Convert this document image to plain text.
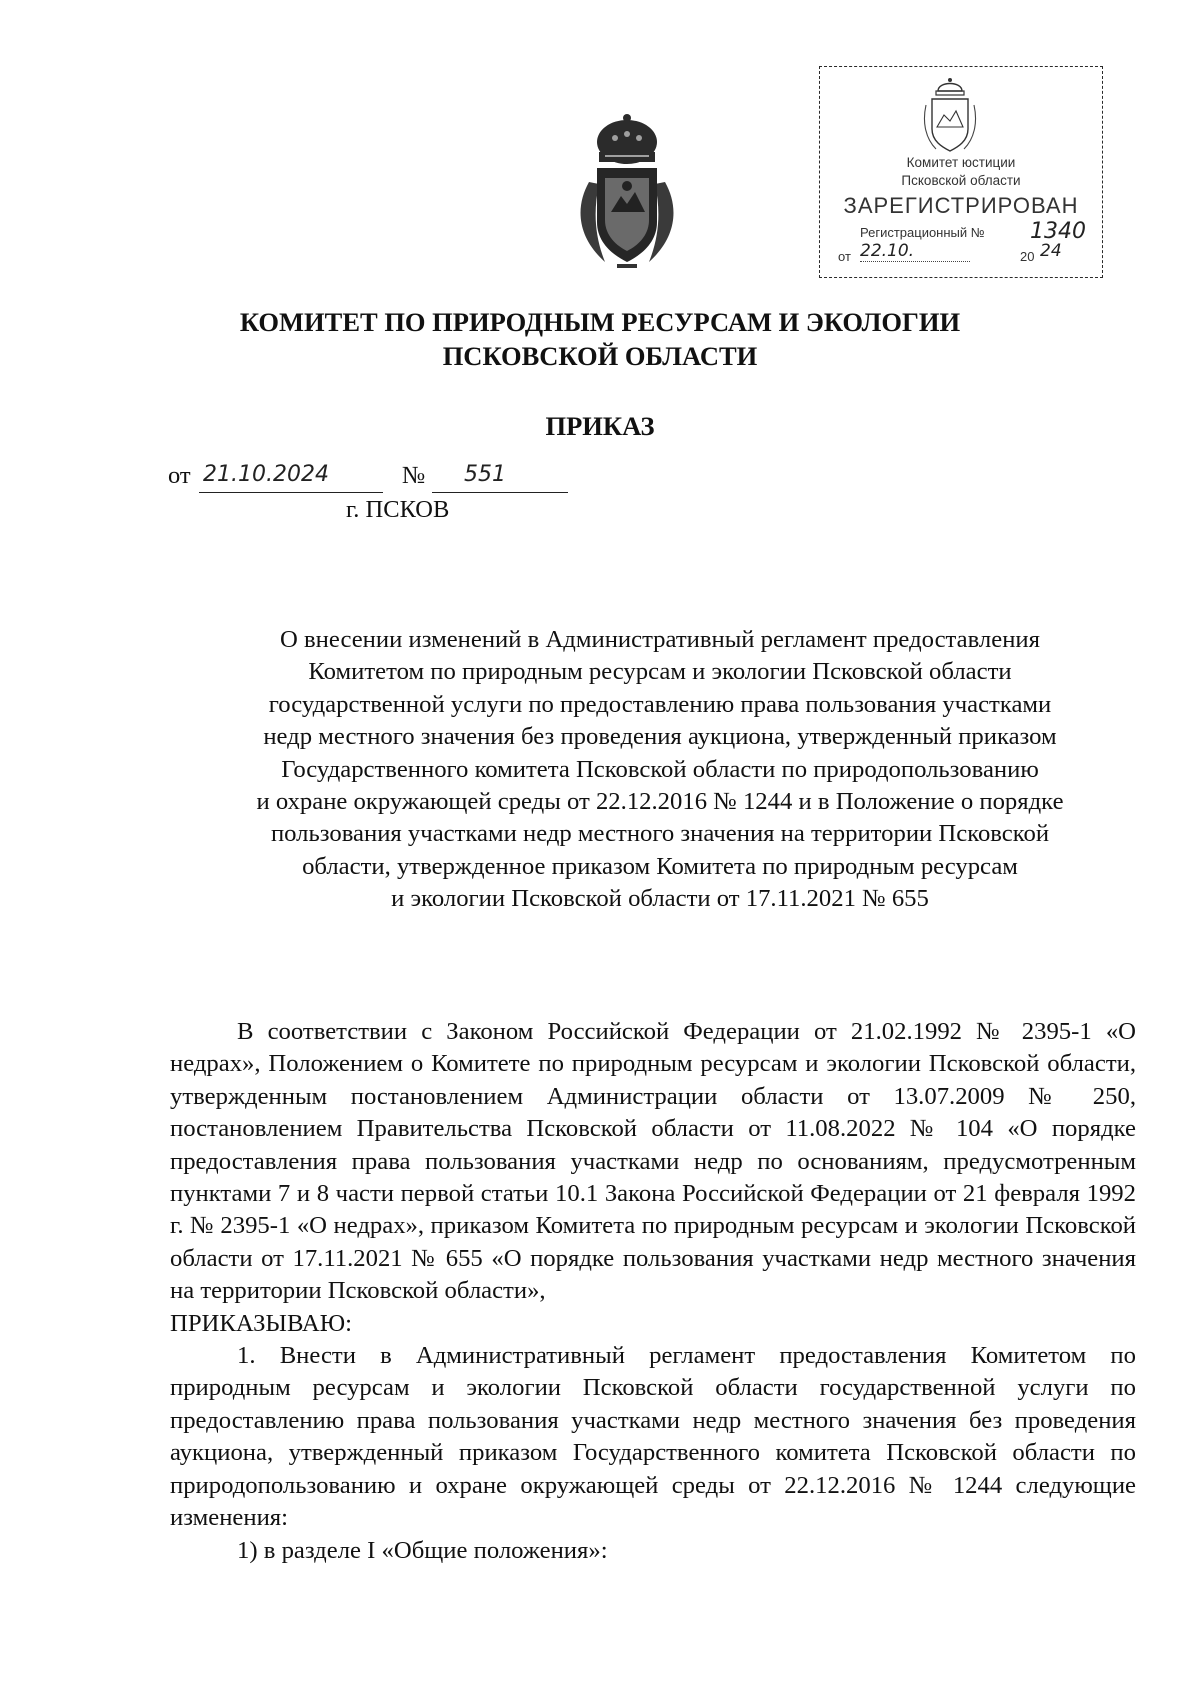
Комитет юстиции
Псковской области
ЗАРЕГИСТРИРОВАН
Регистрационный № 1340
от 22.10.	20 24
КОМИТЕТ ПО ПРИРОДНЫМ РЕСУРСАМ И ЭКОЛОГИИ
ПСКОВСКОЙ ОБЛАСТИ
ПРИКАЗ
от 21.10.2024	№	551
г. ПСКОВ
О внесении изменений в Административный регламент предоставления
Комитетом по природным ресурсам и экологии Псковской области
государственной услуги по предоставлению права пользования участками
недр местного значения без проведения аукциона, утвержденный приказом
Государственного комитета Псковской области по природопользованию
и охране окружающей среды от 22.12.2016 № 1244 и в Положение о порядке
пользования участками недр местного значения на территории Псковской
области, утвержденное приказом Комитета по природным ресурсам
и экологии Псковской области от 17.11.2021 № 655

В соответствии с Законом Российской Федерации от 21.02.1992 № 2395-1 «О недрах», Положением о Комитете по природным ресурсам и экологии Псковской области, утвержденным постановлением Администрации области от 13.07.2009 № 250, постановлением Правительства Псковской области от 11.08.2022 № 104 «О порядке предоставления права пользования участками недр по основаниям, предусмотренным пунктами 7 и 8 части первой статьи 10.1 Закона Российской Федерации от 21 февраля 1992 г. № 2395-1 «О недрах», приказом Комитета по природным ресурсам и экологии Псковской области от 17.11.2021 № 655 «О порядке пользования участками недр местного значения на территории Псковской области»,

ПРИКАЗЫВАЮ:

1. Внести в Административный регламент предоставления Комитетом по природным ресурсам и экологии Псковской области государственной услуги по предоставлению права пользования участками недр местного значения без проведения аукциона, утвержденный приказом Государственного комитета Псковской области по природопользованию и охране окружающей среды от 22.12.2016 № 1244 следующие изменения:

1) в разделе I «Общие положения»:
